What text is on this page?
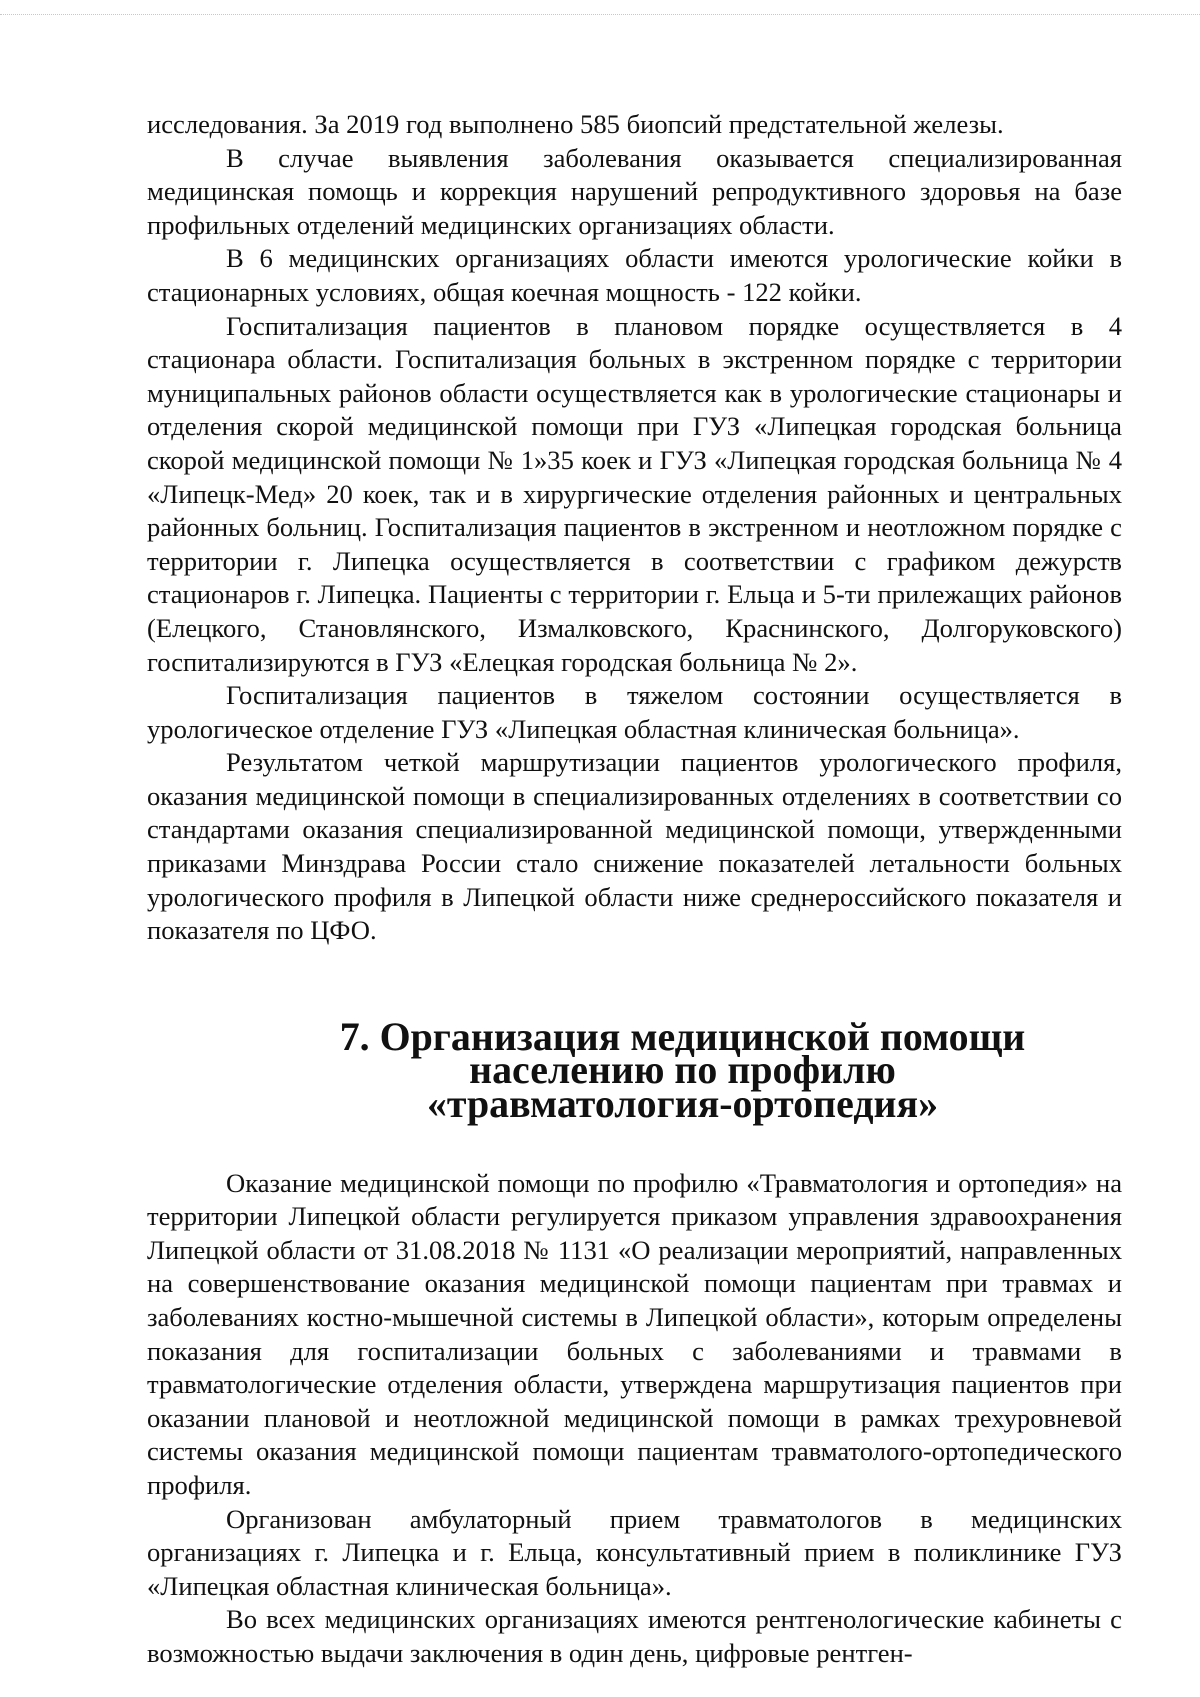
исследования. За 2019 год выполнено 585 биопсий предстательной железы.

В случае выявления заболевания оказывается специализированная медицинская помощь и коррекция нарушений репродуктивного здоровья на базе профильных отделений медицинских организациях области.

В 6 медицинских организациях области имеются урологические койки в стационарных условиях, общая коечная мощность - 122 койки.

Госпитализация пациентов в плановом порядке осуществляется в 4 стационара области. Госпитализация больных в экстренном порядке с территории муниципальных районов области осуществляется как в урологические стационары и отделения скорой медицинской помощи при ГУЗ «Липецкая городская больница скорой медицинской помощи № 1»35 коек и ГУЗ «Липецкая городская больница № 4 «Липецк-Мед» 20 коек, так и в хирургические отделения районных и центральных районных больниц. Госпитализация пациентов в экстренном и неотложном порядке с территории г. Липецка осуществляется в соответствии с графиком дежурств стационаров г. Липецка. Пациенты с территории г. Ельца и 5-ти прилежащих районов (Елецкого, Становлянского, Измалковского, Краснинского, Долгоруковского) госпитализируются в ГУЗ «Елецкая городская больница № 2».

Госпитализация пациентов в тяжелом состоянии осуществляется в урологическое отделение ГУЗ «Липецкая областная клиническая больница».

Результатом четкой маршрутизации пациентов урологического профиля, оказания медицинской помощи в специализированных отделениях в соответствии со стандартами оказания специализированной медицинской помощи, утвержденными приказами Минздрава России стало снижение показателей летальности больных урологического профиля в Липецкой области ниже среднероссийского показателя и показателя по ЦФО.

7. Организация медицинской помощи населению по профилю
«травматология-ортопедия»

Оказание медицинской помощи по профилю «Травматология и ортопедия» на территории Липецкой области регулируется приказом управления здравоохранения Липецкой области от 31.08.2018 № 1131 «О реализации мероприятий, направленных на совершенствование оказания медицинской помощи пациентам при травмах и заболеваниях костно-мышечной системы в Липецкой области», которым определены показания для госпитализации больных с заболеваниями и травмами в травматологические отделения области, утверждена маршрутизация пациентов при оказании плановой и неотложной медицинской помощи в рамках трехуровневой системы оказания медицинской помощи пациентам травматолого-ортопедического профиля.

Организован амбулаторный прием травматологов в медицинских организациях г. Липецка и г. Ельца, консультативный прием в поликлинике ГУЗ «Липецкая областная клиническая больница».

Во всех медицинских организациях имеются рентгенологические кабинеты с возможностью выдачи заключения в один день, цифровые рентген-
